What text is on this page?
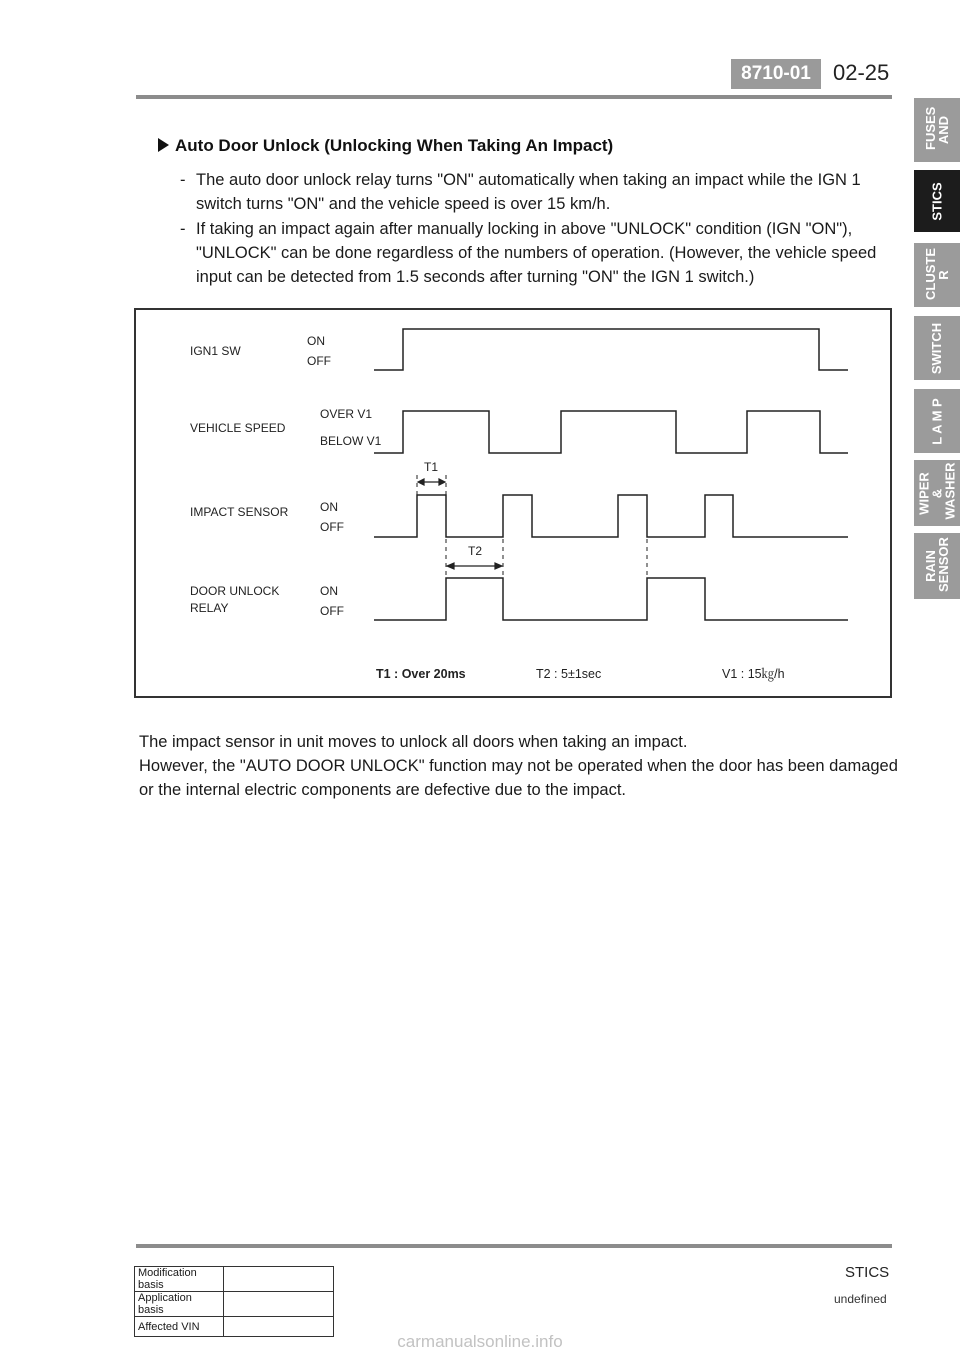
8710-01	02-25
FUSES AND
STICS
CLUSTE R
SWITCH
L A M P
WIPER & WASHER
RAIN SENSOR
Auto Door Unlock (Unlocking When Taking An Impact)
- The auto door unlock relay turns "ON" automatically when taking an impact while the IGN 1 switch turns "ON" and the vehicle speed is over 15 km/h.
- If taking an impact again after manually locking in above "UNLOCK" condition (IGN "ON"), "UNLOCK" can be done regardless of the numbers of operation. (However, the vehicle speed input can be detected from 1.5 seconds after turning "ON" the IGN 1 switch.)
IGN1 SW
ON
OFF
VEHICLE SPEED
OVER V1
BELOW V1
IMPACT SENSOR	ON
OFF
DOOR UNLOCK
RELAY
ON
OFF
T1
T2
T1 : Over 20ms	T2 : 5±1sec	V1 : 15㎏/h
The impact sensor in unit moves to unlock all doors when taking an impact.
However, the "AUTO DOOR UNLOCK" function may not be operated when the door has been damaged or the internal electric components are defective due to the impact.
STICS
undefined
Modification basis	
Application basis	
Affected VIN	
carmanualsonline.info
